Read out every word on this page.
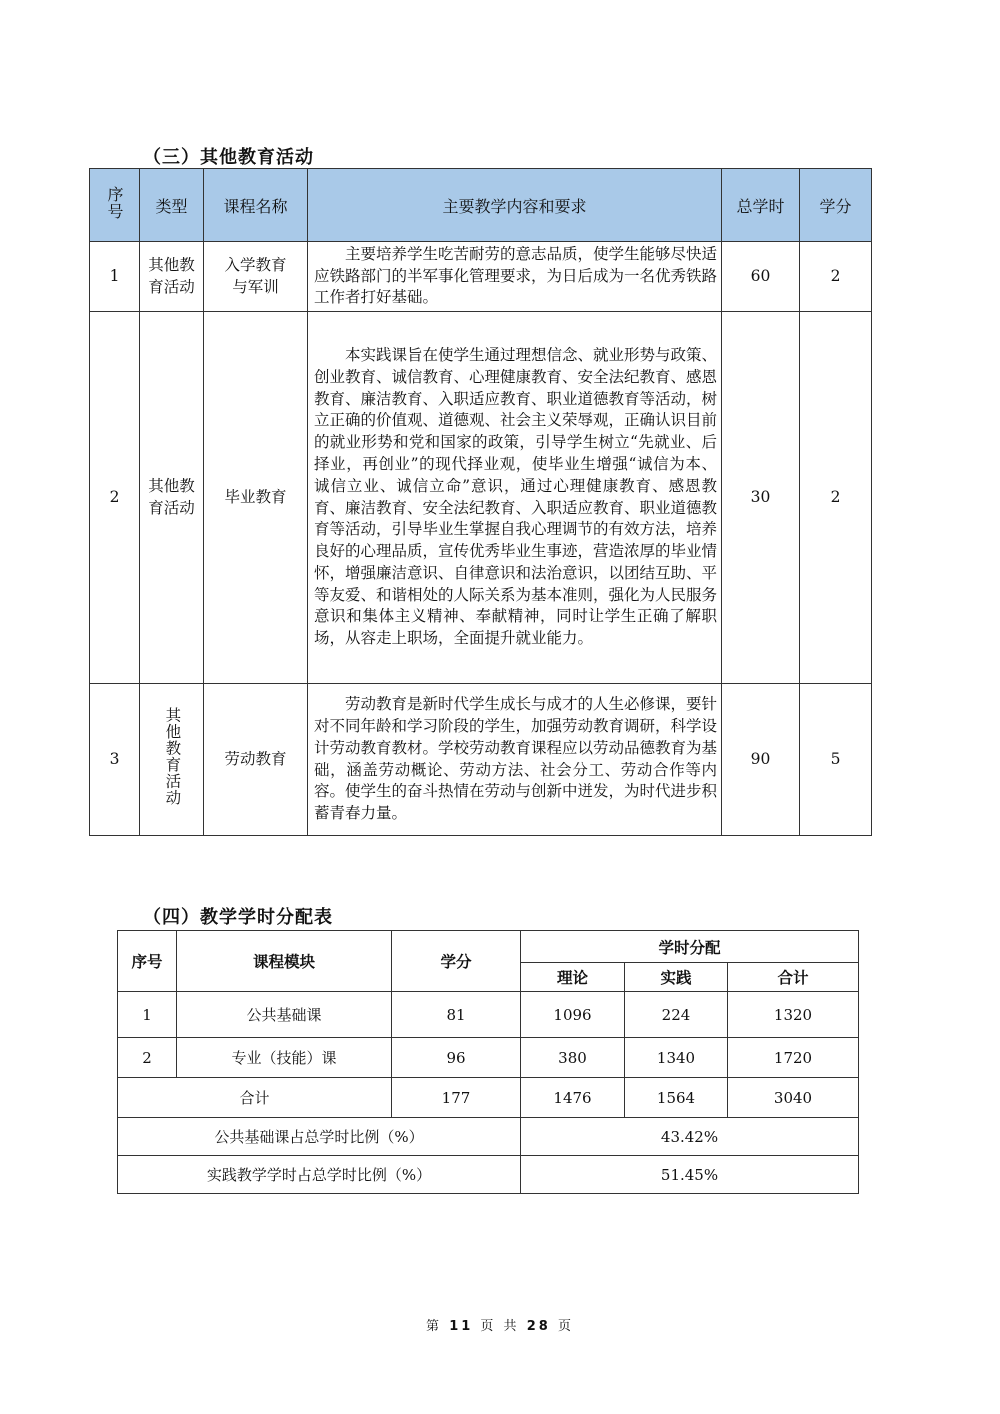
（三）其他教育活动
序号	类型	课程名称	主要教学内容和要求	总学时	学分
1	其他教育活动	入学教育与军训	主要培养学生吃苦耐劳的意志品质，使学生能够尽快适应铁路部门的半军事化管理要求，为日后成为一名优秀铁路工作者打好基础。	60	2
2	其他教育活动	毕业教育	本实践课旨在使学生通过理想信念、就业形势与政策、创业教育、诚信教育、心理健康教育、安全法纪教育、感恩教育、廉洁教育、入职适应教育、职业道德教育等活动，树立正确的价值观、道德观、社会主义荣辱观，正确认识目前的就业形势和党和国家的政策，引导学生树立“先就业、后择业，再创业”的现代择业观，使毕业生增强“诚信为本、诚信立业、诚信立命”意识，通过心理健康教育、感恩教育、廉洁教育、安全法纪教育、入职适应教育、职业道德教育等活动，引导毕业生掌握自我心理调节的有效方法，培养良好的心理品质，宣传优秀毕业生事迹，营造浓厚的毕业情怀，增强廉洁意识、自律意识和法治意识，以团结互助、平等友爱、和谐相处的人际关系为基本准则，强化为人民服务意识和集体主义精神、奉献精神，同时让学生正确了解职场，从容走上职场，全面提升就业能力。	30	2
3	其他教育活动	劳动教育	劳动教育是新时代学生成长与成才的人生必修课，要针对不同年龄和学习阶段的学生，加强劳动教育调研，科学设计劳动教育教材。学校劳动教育课程应以劳动品德教育为基础，涵盖劳动概论、劳动方法、社会分工、劳动合作等内容。使学生的奋斗热情在劳动与创新中迸发，为时代进步积蓄青春力量。	90	5
（四）教学学时分配表
序号	课程模块	学分	学时分配		
			理论	实践	合计
1	公共基础课	81	1096	224	1320
2	专业（技能）课	96	380	1340	1720
合计		177	1476	1564	3040
公共基础课占总学时比例（%）			43.42%		
实践教学学时占总学时比例（%）			51.45%		
第 11 页 共 28 页
